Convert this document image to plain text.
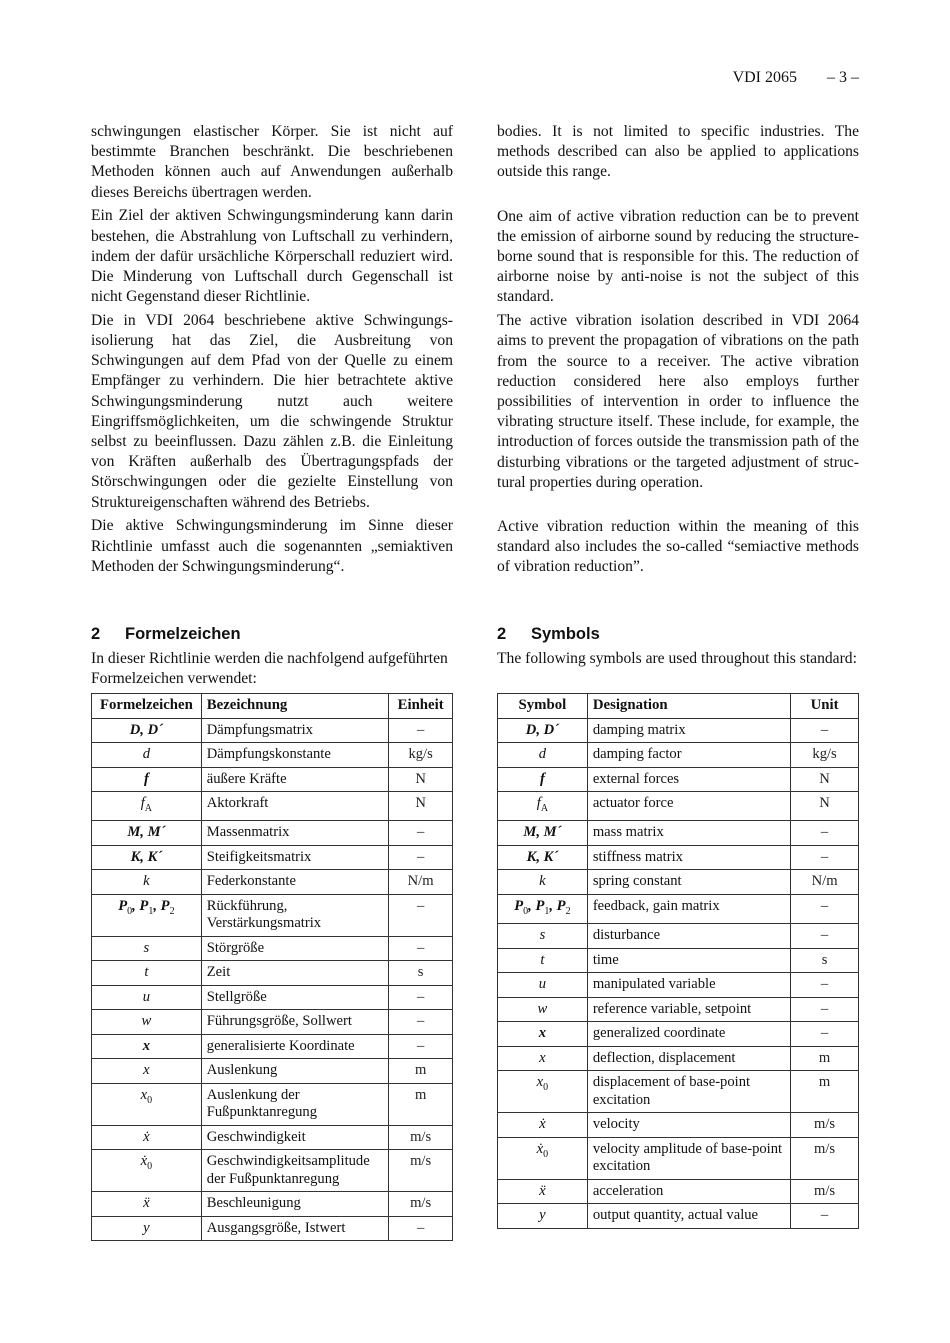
VDI 2065 – 3 –

schwingungen elastischer Körper. Sie ist nicht auf bestimmte Branchen beschränkt. Die beschriebenen Methoden können auch auf Anwendungen außerhalb dieses Bereichs übertragen werden.

Ein Ziel der aktiven Schwingungsminderung kann darin bestehen, die Abstrahlung von Luftschall zu verhindern, indem der dafür ursächliche Körperschall reduziert wird. Die Minderung von Luftschall durch Gegenschall ist nicht Gegenstand dieser Richtlinie.

Die in VDI 2064 beschriebene aktive Schwingungsisolierung hat das Ziel, die Ausbreitung von Schwingungen auf dem Pfad von der Quelle zu einem Empfänger zu verhindern. Die hier betrachtete aktive Schwingungsminderung nutzt auch weitere Eingriffsmöglichkeiten, um die schwingende Struktur selbst zu beeinflussen. Dazu zählen z.B. die Einleitung von Kräften außerhalb des Übertragungspfads der Störschwingungen oder die gezielte Einstellung von Struktureigenschaften während des Betriebs.

Die aktive Schwingungsminderung im Sinne dieser Richtlinie umfasst auch die sogenannten „semiaktiven Methoden der Schwingungsminderung“.

bodies. It is not limited to specific industries. The methods described can also be applied to applications outside this range.

One aim of active vibration reduction can be to prevent the emission of airborne sound by reducing the structure-borne sound that is responsible for this. The reduction of airborne noise by anti-noise is not the subject of this standard.

The active vibration isolation described in VDI 2064 aims to prevent the propagation of vibrations on the path from the source to a receiver. The active vibration reduction considered here also employs further possibilities of intervention in order to influence the vibrating structure itself. These include, for example, the introduction of forces outside the transmission path of the disturbing vibrations or the targeted adjustment of structural properties during operation.

Active vibration reduction within the meaning of this standard also includes the so-called “semiactive methods of vibration reduction”.

2 Formelzeichen	2 Symbols

In dieser Richtlinie werden die nachfolgend aufgeführten Formelzeichen verwendet:

The following symbols are used throughout this standard:

Formelzeichen	Bezeichnung	Einheit
D, D´	Dämpfungsmatrix	–
d	Dämpfungskonstante	kg/s
f	äußere Kräfte	N
$f_A$	Aktorkraft	N
M, M´	Massenmatrix	–
K, K´	Steifigkeitsmatrix	–
k	Federkonstante	N/m
$P_0$, $P_1$, $P_2$	Rückführung, Verstärkungsmatrix	–
s	Störgröße	–
t	Zeit	s
u	Stellgröße	–
w	Führungsgröße, Sollwert	–
x	generalisierte Koordinate	–
x	Auslenkung	m
$x_0$	Auslenkung der Fußpunktanregung	m
ẋ	Geschwindigkeit	m/s
ẋ$_0$	Geschwindigkeitsamplitude der Fußpunktanregung	m/s
ẍ	Beschleunigung	m/s
y	Ausgangsgröße, Istwert	–
Symbol	Designation	Unit
D, D´	damping matrix	–
d	damping factor	kg/s
f	external forces	N
$f_A$	actuator force	N
M, M´	mass matrix	–
K, K´	stiffness matrix	–
k	spring constant	N/m
$P_0$, $P_1$, $P_2$	feedback, gain matrix	–
s	disturbance	–
t	time	s
u	manipulated variable	–
w	reference variable, setpoint	–
x	generalized coordinate	–
x	deflection, displacement	m
$x_0$	displacement of base-point excitation	m
ẋ	velocity	m/s
ẋ$_0$	velocity amplitude of base-point excitation	m/s
ẍ	acceleration	m/s
y	output quantity, actual value	–
